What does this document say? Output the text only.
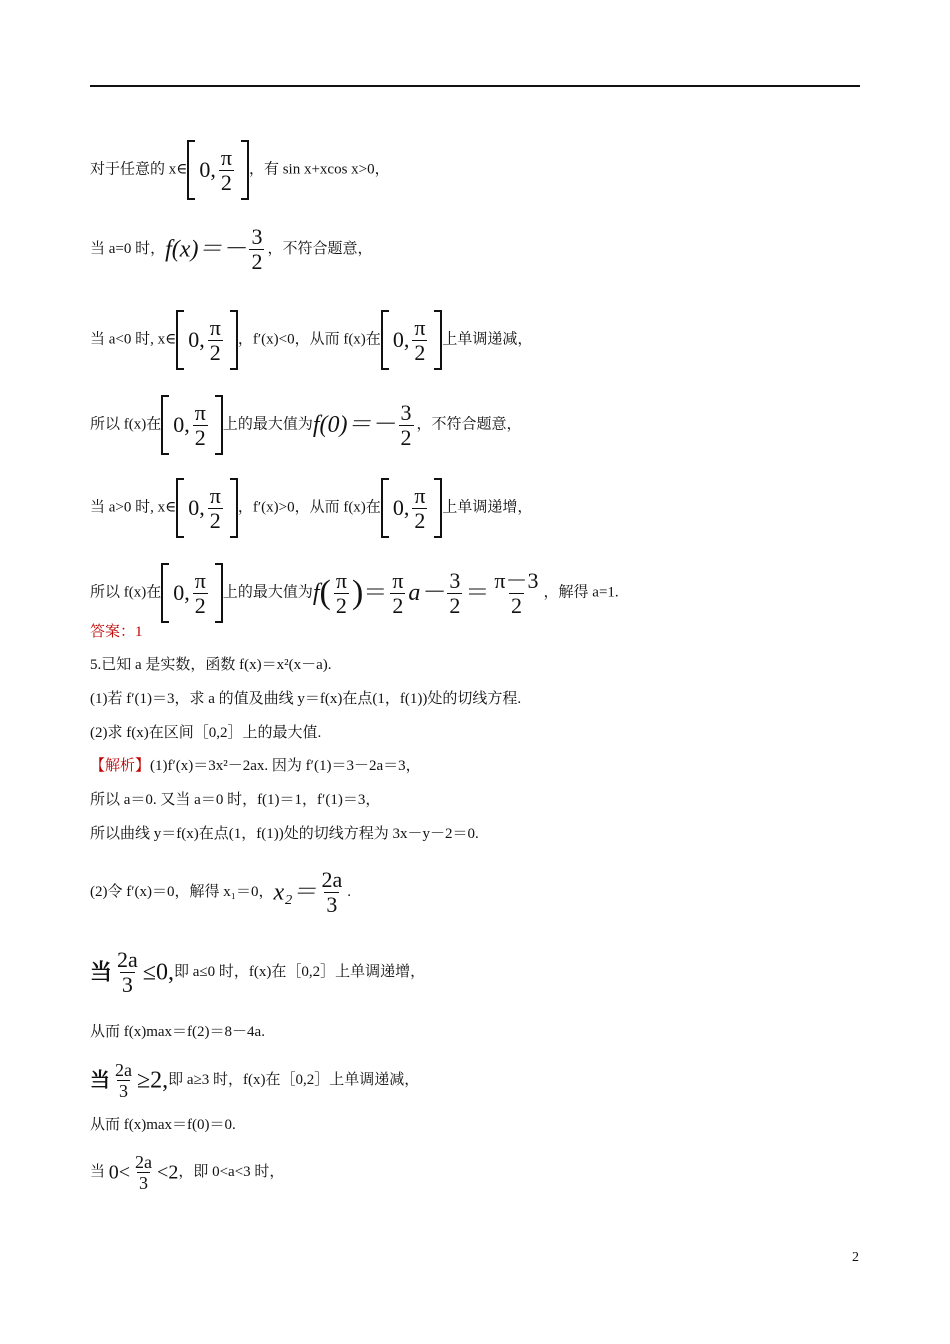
对于任意的 x∈ 0, $\frac{\pi}{2}$ ，有 sin x+xcos x>0，
当 a=0 时，$f(x)=- \frac{3}{2}$ ，不符合题意，
当 a<0 时, x∈ 0, $\frac{\pi}{2}$ ，f′(x)<0，从而 f(x)在 0, $\frac{\pi}{2}$ 上单调递减，
所以 f(x)在 0, $\frac{\pi}{2}$ 上的最大值为$f(0)=- \frac{3}{2}$ ，不符合题意，
当 a>0 时, x∈ 0, $\frac{\pi}{2}$ ，f′(x)>0，从而 f(x)在 0, $\frac{\pi}{2}$ 上单调递增，
所以 f(x)在 0, $\frac{\pi}{2}$ 上的最大值为$f( \frac{\pi}{2}$ )＝ $\frac{\pi}{2} a- \frac{3}{2} = \frac{\pi-3}{2}$ ，解得 a=1.
答案：1
5.已知 a 是实数，函数 f(x)＝x²(x－a).
(1)若 f′(1)＝3，求 a 的值及曲线 y＝f(x)在点(1，f(1))处的切线方程.
(2)求 f(x)在区间［0,2］上的最大值.
【解析】(1)f′(x)＝3x²－2ax. 因为 f′(1)＝3－2a＝3，
所以 a＝0. 又当 a＝0 时，f(1)＝1，f′(1)＝3，
所以曲线 y＝f(x)在点(1，f(1))处的切线方程为 3x－y－2＝0.
(2)令 f′(x)＝0，解得 x₁＝0，$x_2= \frac{2a}{3}$ .
当 $\frac{2a}{3} \le 0$,即 a≤0 时，f(x)在［0,2］上单调递增，
从而 f(x)max＝f(2)＝8－4a.
当 $\frac{2a}{3} \ge 2$,即 a≥3 时，f(x)在［0,2］上单调递减，
从而 f(x)max＝f(0)＝0.
当 $0< \frac{2a}{3} <2$，即 0<a<3 时，
2
